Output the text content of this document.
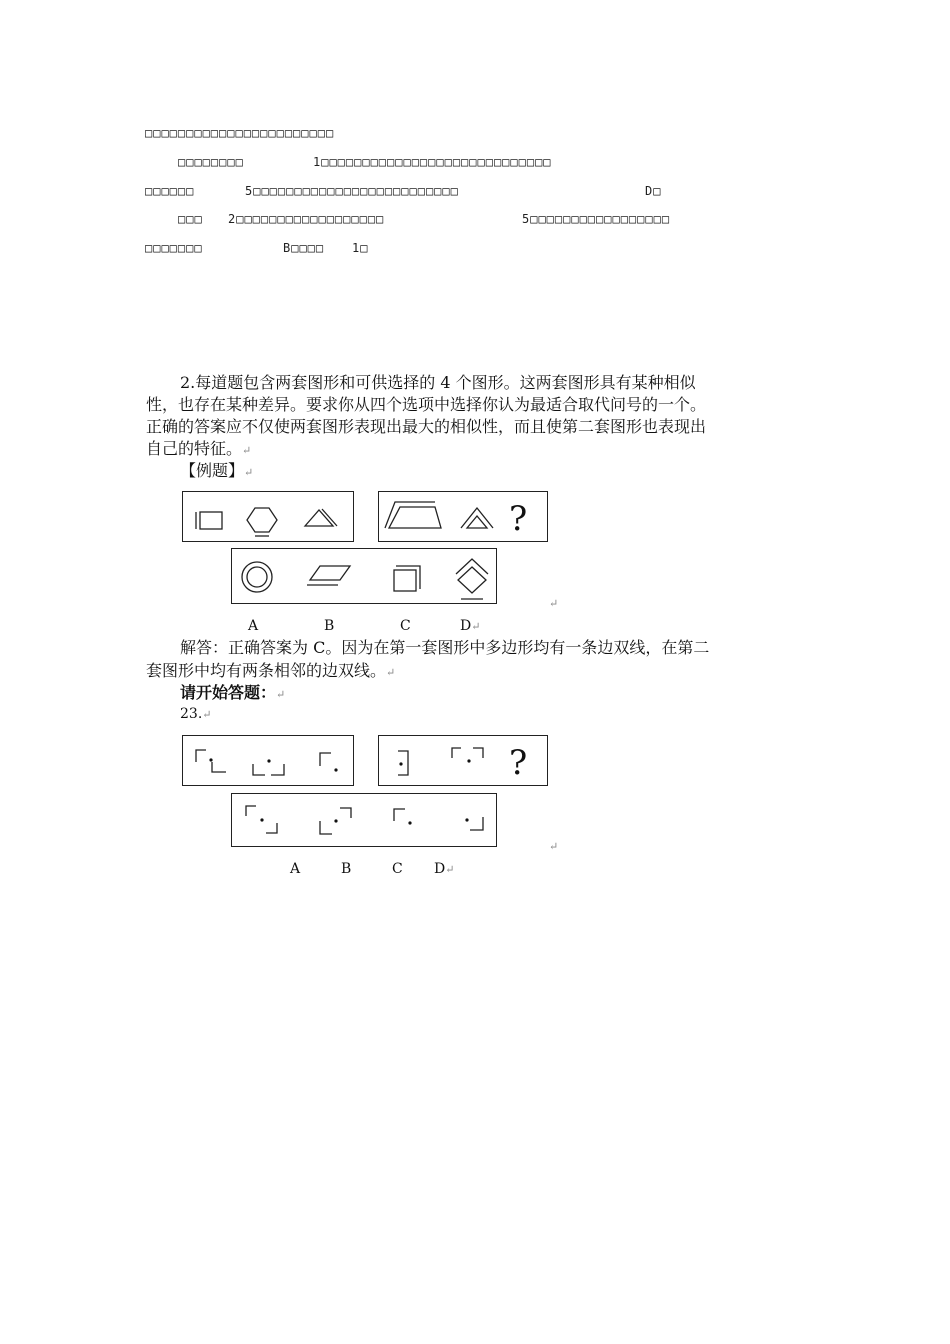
□□□□□□□□□□□□□□□□□□□□□□□
□□□□□□□□	1□□□□□□□□□□□□□□□□□□□□□□□□□□□□
□□□□□□	5□□□□□□□□□□□□□□□□□□□□□□□□□	D□
□□□ 2□□□□□□□□□□□□□□□□□□	5□□□□□□□□□□□□□□□□□
□□□□□□□	B□□□□ 1□
2.每道题包含两套图形和可供选择的 4 个图形。这两套图形具有某种相似
性，也存在某种差异。要求你从四个选项中选择你认为最适合取代问号的一个。
正确的答案应不仅使两套图形表现出最大的相似性，而且使第二套图形也表现出
自己的特征。↵
【例题】↵
?
↵
A	B	C	D↵
解答：正确答案为 C。因为在第一套图形中多边形均有一条边双线，在第二
套图形中均有两条相邻的边双线。↵
请开始答题：↵
23.↵
?
↵
A	B	C D↵
